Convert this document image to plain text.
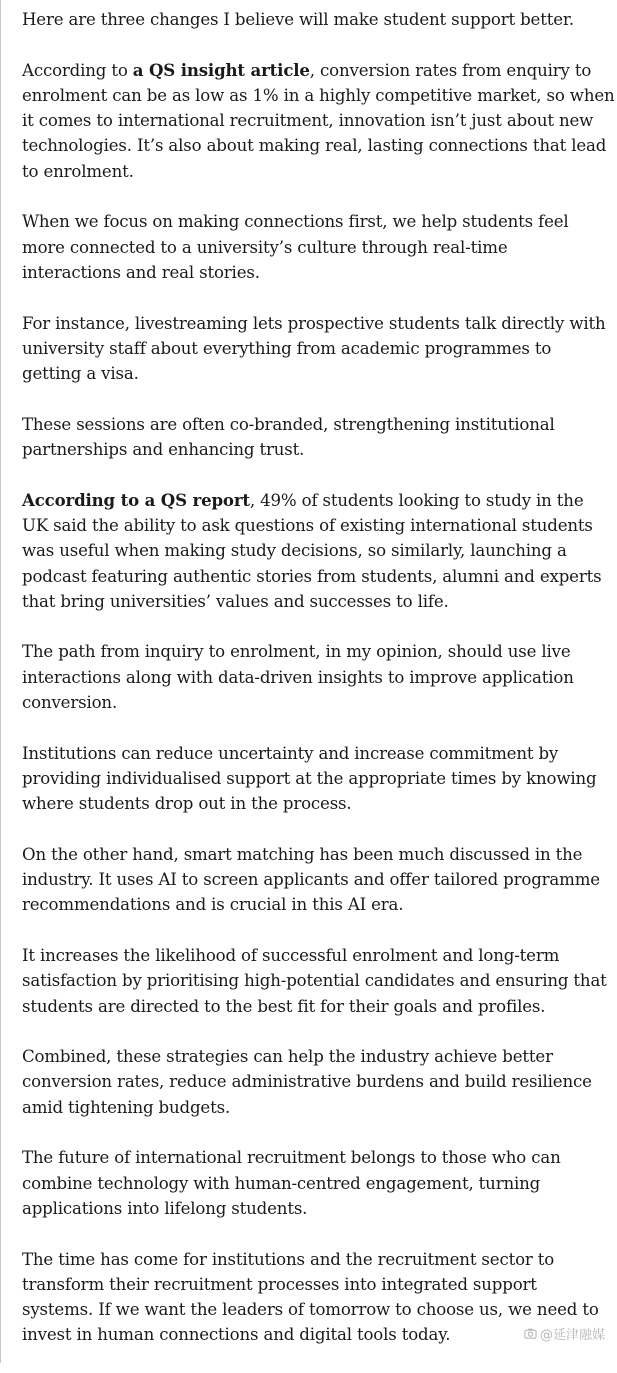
Here are three changes I believe will make student support better.

According to a QS insight article, conversion rates from enquiry to
enrolment can be as low as 1% in a highly competitive market, so when
it comes to international recruitment, innovation isn’t just about new
technologies. It’s also about making real, lasting connections that lead
to enrolment.

When we focus on making connections first, we help students feel
more connected to a university’s culture through real-time
interactions and real stories.

For instance, livestreaming lets prospective students talk directly with
university staff about everything from academic programmes to
getting a visa.

These sessions are often co-branded, strengthening institutional
partnerships and enhancing trust.

According to a QS report, 49% of students looking to study in the
UK said the ability to ask questions of existing international students
was useful when making study decisions, so similarly, launching a
podcast featuring authentic stories from students, alumni and experts
that bring universities’ values and successes to life.

The path from inquiry to enrolment, in my opinion, should use live
interactions along with data-driven insights to improve application
conversion.

Institutions can reduce uncertainty and increase commitment by
providing individualised support at the appropriate times by knowing
where students drop out in the process.

On the other hand, smart matching has been much discussed in the
industry. It uses AI to screen applicants and offer tailored programme
recommendations and is crucial in this AI era.

It increases the likelihood of successful enrolment and long-term
satisfaction by prioritising high-potential candidates and ensuring that
students are directed to the best fit for their goals and profiles.

Combined, these strategies can help the industry achieve better
conversion rates, reduce administrative burdens and build resilience
amid tightening budgets.

The future of international recruitment belongs to those who can
combine technology with human-centred engagement, turning
applications into lifelong students.

The time has come for institutions and the recruitment sector to
transform their recruitment processes into integrated support
systems. If we want the leaders of tomorrow to choose us, we need to
invest in human connections and digital tools today.	@延津融媒
